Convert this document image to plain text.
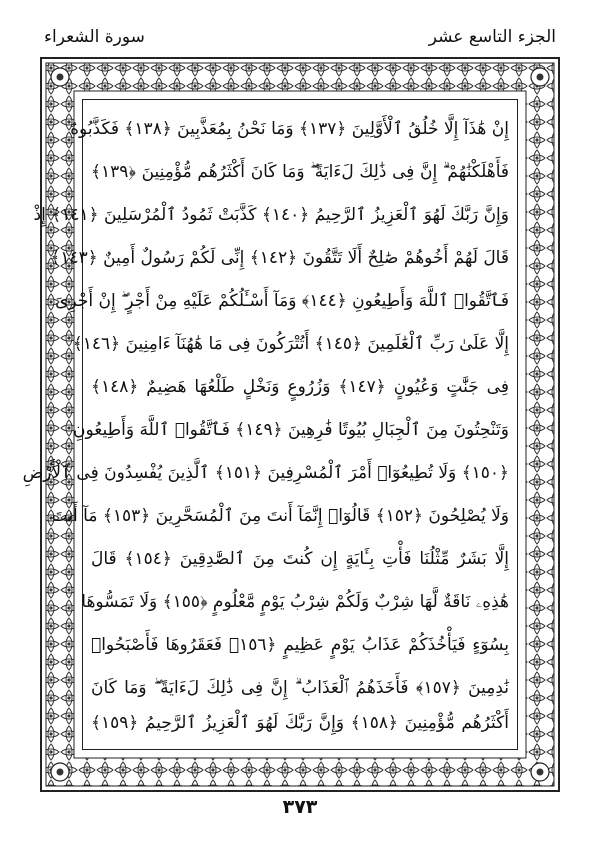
الجزء التاسع عشر
سورة الشعراء
إِنْ هَٰذَآ إِلَّا خُلُقُ ٱلْأَوَّلِينَ ﴿١٣٧﴾ وَمَا نَحْنُ بِمُعَذَّبِينَ ﴿١٣٨﴾ فَكَذَّبُوهُ
فَأَهْلَكْنَٰهُمْ ۗ إِنَّ فِى ذَٰلِكَ لَءَايَةً ۖ وَمَا كَانَ أَكْثَرُهُم مُّؤْمِنِينَ ﴿١٣٩﴾
وَإِنَّ رَبَّكَ لَهُوَ ٱلْعَزِيزُ ٱلرَّحِيمُ ﴿١٤٠﴾ كَذَّبَتْ ثَمُودُ ٱلْمُرْسَلِينَ ﴿١٤١﴾ إِذْ
قَالَ لَهُمْ أَخُوهُمْ صَٰلِحٌ أَلَا تَتَّقُونَ ﴿١٤٢﴾ إِنِّى لَكُمْ رَسُولٌ أَمِينٌ ﴿١٤٣﴾
فَٱتَّقُوا۟ ٱللَّهَ وَأَطِيعُونِ ﴿١٤٤﴾ وَمَآ أَسْـَٔلُكُمْ عَلَيْهِ مِنْ أَجْرٍ ۖ إِنْ أَجْرِىَ
إِلَّا عَلَىٰ رَبِّ ٱلْعَٰلَمِينَ ﴿١٤٥﴾ أَتُتْرَكُونَ فِى مَا هَٰهُنَآ ءَامِنِينَ ﴿١٤٦﴾
فِى جَنَّٰتٍ وَعُيُونٍ ﴿١٤٧﴾ وَزُرُوعٍ وَنَخْلٍ طَلْعُهَا هَضِيمٌ ﴿١٤٨﴾
وَتَنْحِتُونَ مِنَ ٱلْجِبَالِ بُيُوتًا فَٰرِهِينَ ﴿١٤٩﴾ فَٱتَّقُوا۟ ٱللَّهَ وَأَطِيعُونِ
﴿١٥٠﴾ وَلَا تُطِيعُوٓا۟ أَمْرَ ٱلْمُسْرِفِينَ ﴿١٥١﴾ ٱلَّذِينَ يُفْسِدُونَ فِى ٱلْأَرْضِ
وَلَا يُصْلِحُونَ ﴿١٥٢﴾ قَالُوٓا۟ إِنَّمَآ أَنتَ مِنَ ٱلْمُسَحَّرِينَ ﴿١٥٣﴾ مَآ أَنتَ
إِلَّا بَشَرٌ مِّثْلُنَا فَأْتِ بِـَٔايَةٍ إِن كُنتَ مِنَ ٱلصَّٰدِقِينَ ﴿١٥٤﴾ قَالَ
هَٰذِهِۦ نَاقَةٌ لَّهَا شِرْبٌ وَلَكُمْ شِرْبُ يَوْمٍ مَّعْلُومٍ ﴿١٥٥﴾ وَلَا تَمَسُّوهَا
بِسُوٓءٍ فَيَأْخُذَكُمْ عَذَابُ يَوْمٍ عَظِيمٍ ﴿١٥٦﴾ فَعَقَرُوهَا فَأَصْبَحُوا۟
نَٰدِمِينَ ﴿١٥٧﴾ فَأَخَذَهُمُ ٱلْعَذَابُ ۗ إِنَّ فِى ذَٰلِكَ لَءَايَةً ۖ وَمَا كَانَ
أَكْثَرُهُم مُّؤْمِنِينَ ﴿١٥٨﴾ وَإِنَّ رَبَّكَ لَهُوَ ٱلْعَزِيزُ ٱلرَّحِيمُ ﴿١٥٩﴾
٣٧٣
